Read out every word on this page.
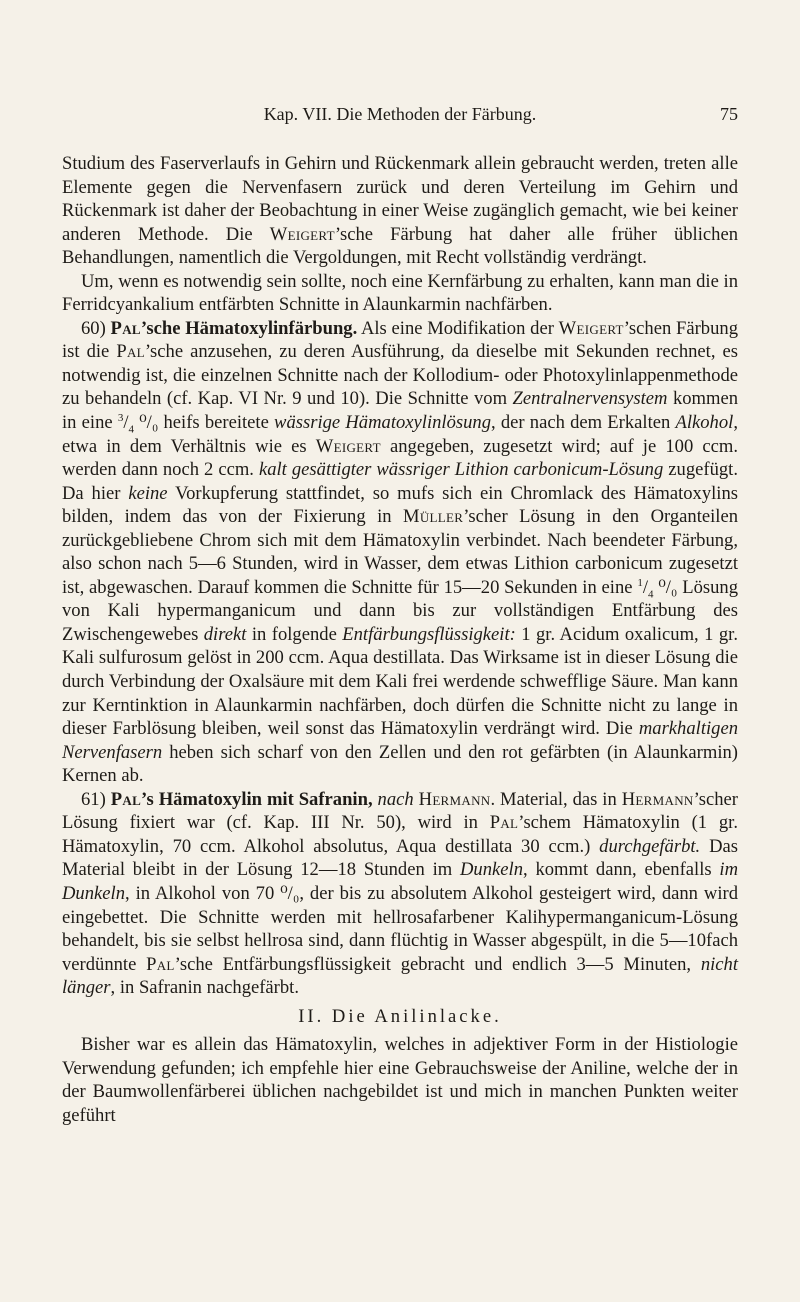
Kap. VII. Die Methoden der Färbung.	75

Studium des Faserverlaufs in Gehirn und Rückenmark allein gebraucht werden, treten alle Elemente gegen die Nervenfasern zurück und deren Verteilung im Gehirn und Rückenmark ist daher der Beobachtung in einer Weise zugänglich gemacht, wie bei keiner anderen Methode. Die Weigert’sche Färbung hat daher alle früher üblichen Behandlungen, namentlich die Vergoldungen, mit Recht vollständig verdrängt.

Um, wenn es notwendig sein sollte, noch eine Kernfärbung zu erhalten, kann man die in Ferridcyankalium entfärbten Schnitte in Alaunkarmin nachfärben.

60) Pal’sche Hämatoxylinfärbung. Als eine Modifikation der Weigert’schen Färbung ist die Pal’sche anzusehen, zu deren Ausführung, da dieselbe mit Sekunden rechnet, es notwendig ist, die einzelnen Schnitte nach der Kollodium- oder Photoxylinlappenmethode zu behandeln (cf. Kap. VI Nr. 9 und 10). Die Schnitte vom Zentralnervensystem kommen in eine $^3/_4$ ⁰/₀ heifs bereitete wässrige Hämatoxylinlösung, der nach dem Erkalten Alkohol, etwa in dem Verhältnis wie es Weigert angegeben, zugesetzt wird; auf je 100 ccm. werden dann noch 2 ccm. kalt gesättigter wässriger Lithion carbonicum-Lösung zugefügt. Da hier keine Vorkupferung stattfindet, so mufs sich ein Chromlack des Hämatoxylins bilden, indem das von der Fixierung in Müller’scher Lösung in den Organteilen zurückgebliebene Chrom sich mit dem Hämatoxylin verbindet. Nach beendeter Färbung, also schon nach 5—6 Stunden, wird in Wasser, dem etwas Lithion carbonicum zugesetzt ist, abgewaschen. Darauf kommen die Schnitte für 15—20 Sekunden in eine $^1/_4$ ⁰/₀ Lösung von Kali hypermanganicum und dann bis zur vollständigen Entfärbung des Zwischengewebes direkt in folgende Entfärbungsflüssigkeit: 1 gr. Acidum oxalicum, 1 gr. Kali sulfurosum gelöst in 200 ccm. Aqua destillata. Das Wirksame ist in dieser Lösung die durch Verbindung der Oxalsäure mit dem Kali frei werdende schwefflige Säure. Man kann zur Kerntinktion in Alaunkarmin nachfärben, doch dürfen die Schnitte nicht zu lange in dieser Farblösung bleiben, weil sonst das Hämatoxylin verdrängt wird. Die markhaltigen Nervenfasern heben sich scharf von den Zellen und den rot gefärbten (in Alaunkarmin) Kernen ab.

61) Pal’s Hämatoxylin mit Safranin, nach Hermann. Material, das in Hermann’scher Lösung fixiert war (cf. Kap. III Nr. 50), wird in Pal’schem Hämatoxylin (1 gr. Hämatoxylin, 70 ccm. Alkohol absolutus, Aqua destillata 30 ccm.) durchgefärbt. Das Material bleibt in der Lösung 12—18 Stunden im Dunkeln, kommt dann, ebenfalls im Dunkeln, in Alkohol von 70 ⁰/₀, der bis zu absolutem Alkohol gesteigert wird, dann wird eingebettet. Die Schnitte werden mit hellrosafarbener Kalihypermanganicum-Lösung behandelt, bis sie selbst hellrosa sind, dann flüchtig in Wasser abgespült, in die 5—10fach verdünnte Pal’sche Entfärbungsflüssigkeit gebracht und endlich 3—5 Minuten, nicht länger, in Safranin nachgefärbt.

II. Die Anilinlacke.

Bisher war es allein das Hämatoxylin, welches in adjektiver Form in der Histiologie Verwendung gefunden; ich empfehle hier eine Gebrauchsweise der Aniline, welche der in der Baumwollenfärberei üblichen nachgebildet ist und mich in manchen Punkten weiter geführt
